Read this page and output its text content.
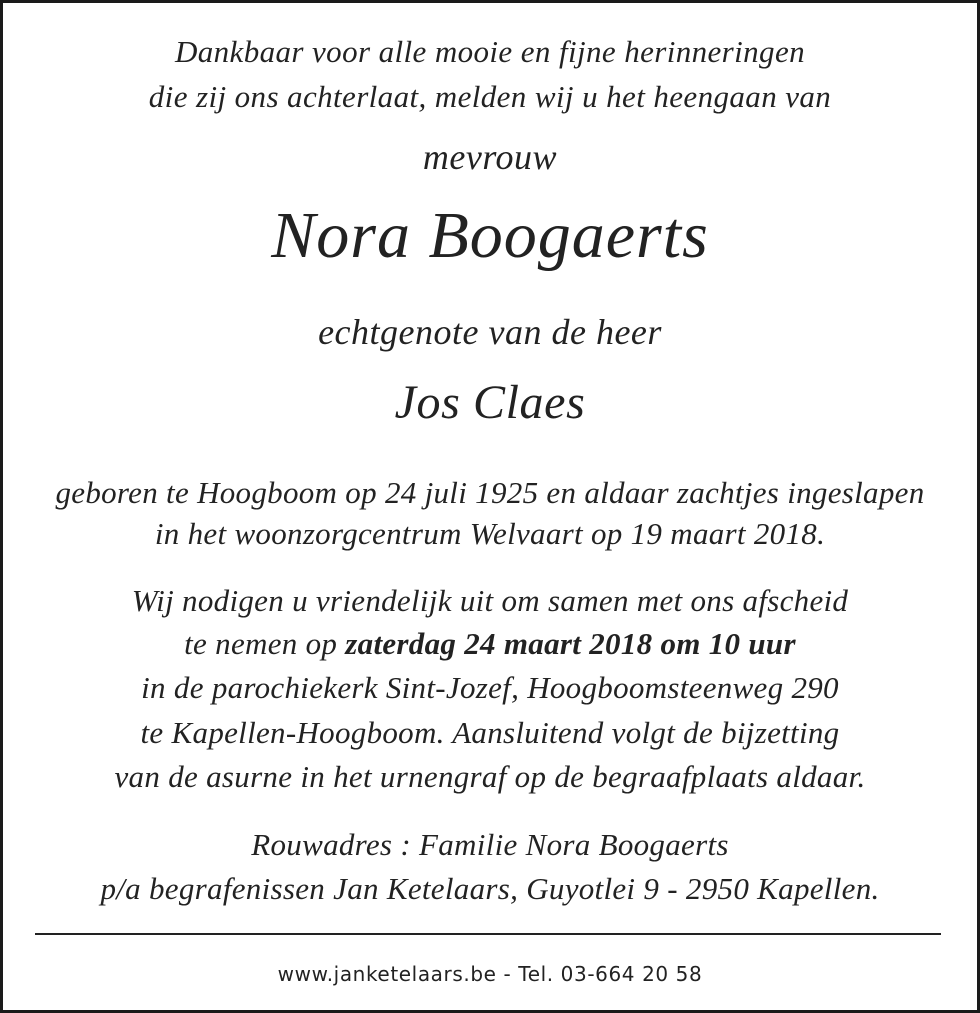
Dankbaar voor alle mooie en fijne herinneringen
die zij ons achterlaat, melden wij u het heengaan van
mevrouw
Nora Boogaerts
echtgenote van de heer
Jos Claes
geboren te Hoogboom op 24 juli 1925 en aldaar zachtjes ingeslapen
in het woonzorgcentrum Welvaart op 19 maart 2018.
Wij nodigen u vriendelijk uit om samen met ons afscheid
te nemen op zaterdag 24 maart 2018 om 10 uur
in de parochiekerk Sint-Jozef, Hoogboomsteenweg 290
te Kapellen-Hoogboom. Aansluitend volgt de bijzetting
van de asurne in het urnengraf op de begraafplaats aldaar.
Rouwadres : Familie Nora Boogaerts
p/a begrafenissen Jan Ketelaars, Guyotlei 9 - 2950 Kapellen.
www.janketelaars.be - Tel. 03-664 20 58
